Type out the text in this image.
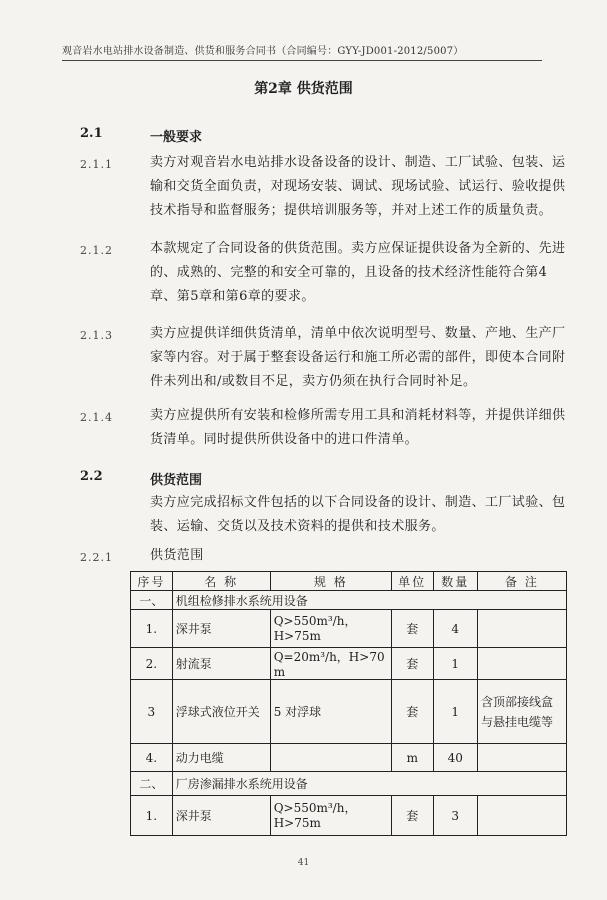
观音岩水电站排水设备制造、供货和服务合同书（合同编号：GYY-JD001-2012/5007）
第2章 供货范围
2.1	一般要求
2.1.1	卖方对观音岩水电站排水设备设备的设计、制造、工厂试验、包装、运输和交货全面负责，对现场安装、调试、现场试验、试运行、验收提供技术指导和监督服务；提供培训服务等，并对上述工作的质量负责。
2.1.2	本款规定了合同设备的供货范围。卖方应保证提供设备为全新的、先进的、成熟的、完整的和安全可靠的，且设备的技术经济性能符合第4章、第5章和第6章的要求。
2.1.3	卖方应提供详细供货清单，清单中依次说明型号、数量、产地、生产厂家等内容。对于属于整套设备运行和施工所必需的部件，即使本合同附件未列出和/或数目不足，卖方仍须在执行合同时补足。
2.1.4	卖方应提供所有安装和检修所需专用工具和消耗材料等，并提供详细供货清单。同时提供所供设备中的进口件清单。
2.2	供货范围
卖方应完成招标文件包括的以下合同设备的设计、制造、工厂试验、包装、运输、交货以及技术资料的提供和技术服务。
2.2.1	供货范围
序号	名 称	规 格	单位	数量	备 注
一、	机组检修排水系统用设备				
1.	深井泵	Q>550m³/h，H>75m	套	4	
2.	射流泵	Q=20m³/h，H>70 m	套	1	
3	浮球式液位开关	5 对浮球	套	1	含顶部接线盒与悬挂电缆等
4.	动力电缆		m	40	
二、	厂房渗漏排水系统用设备				
1.	深井泵	Q>550m³/h，H>75m	套	3	
41
